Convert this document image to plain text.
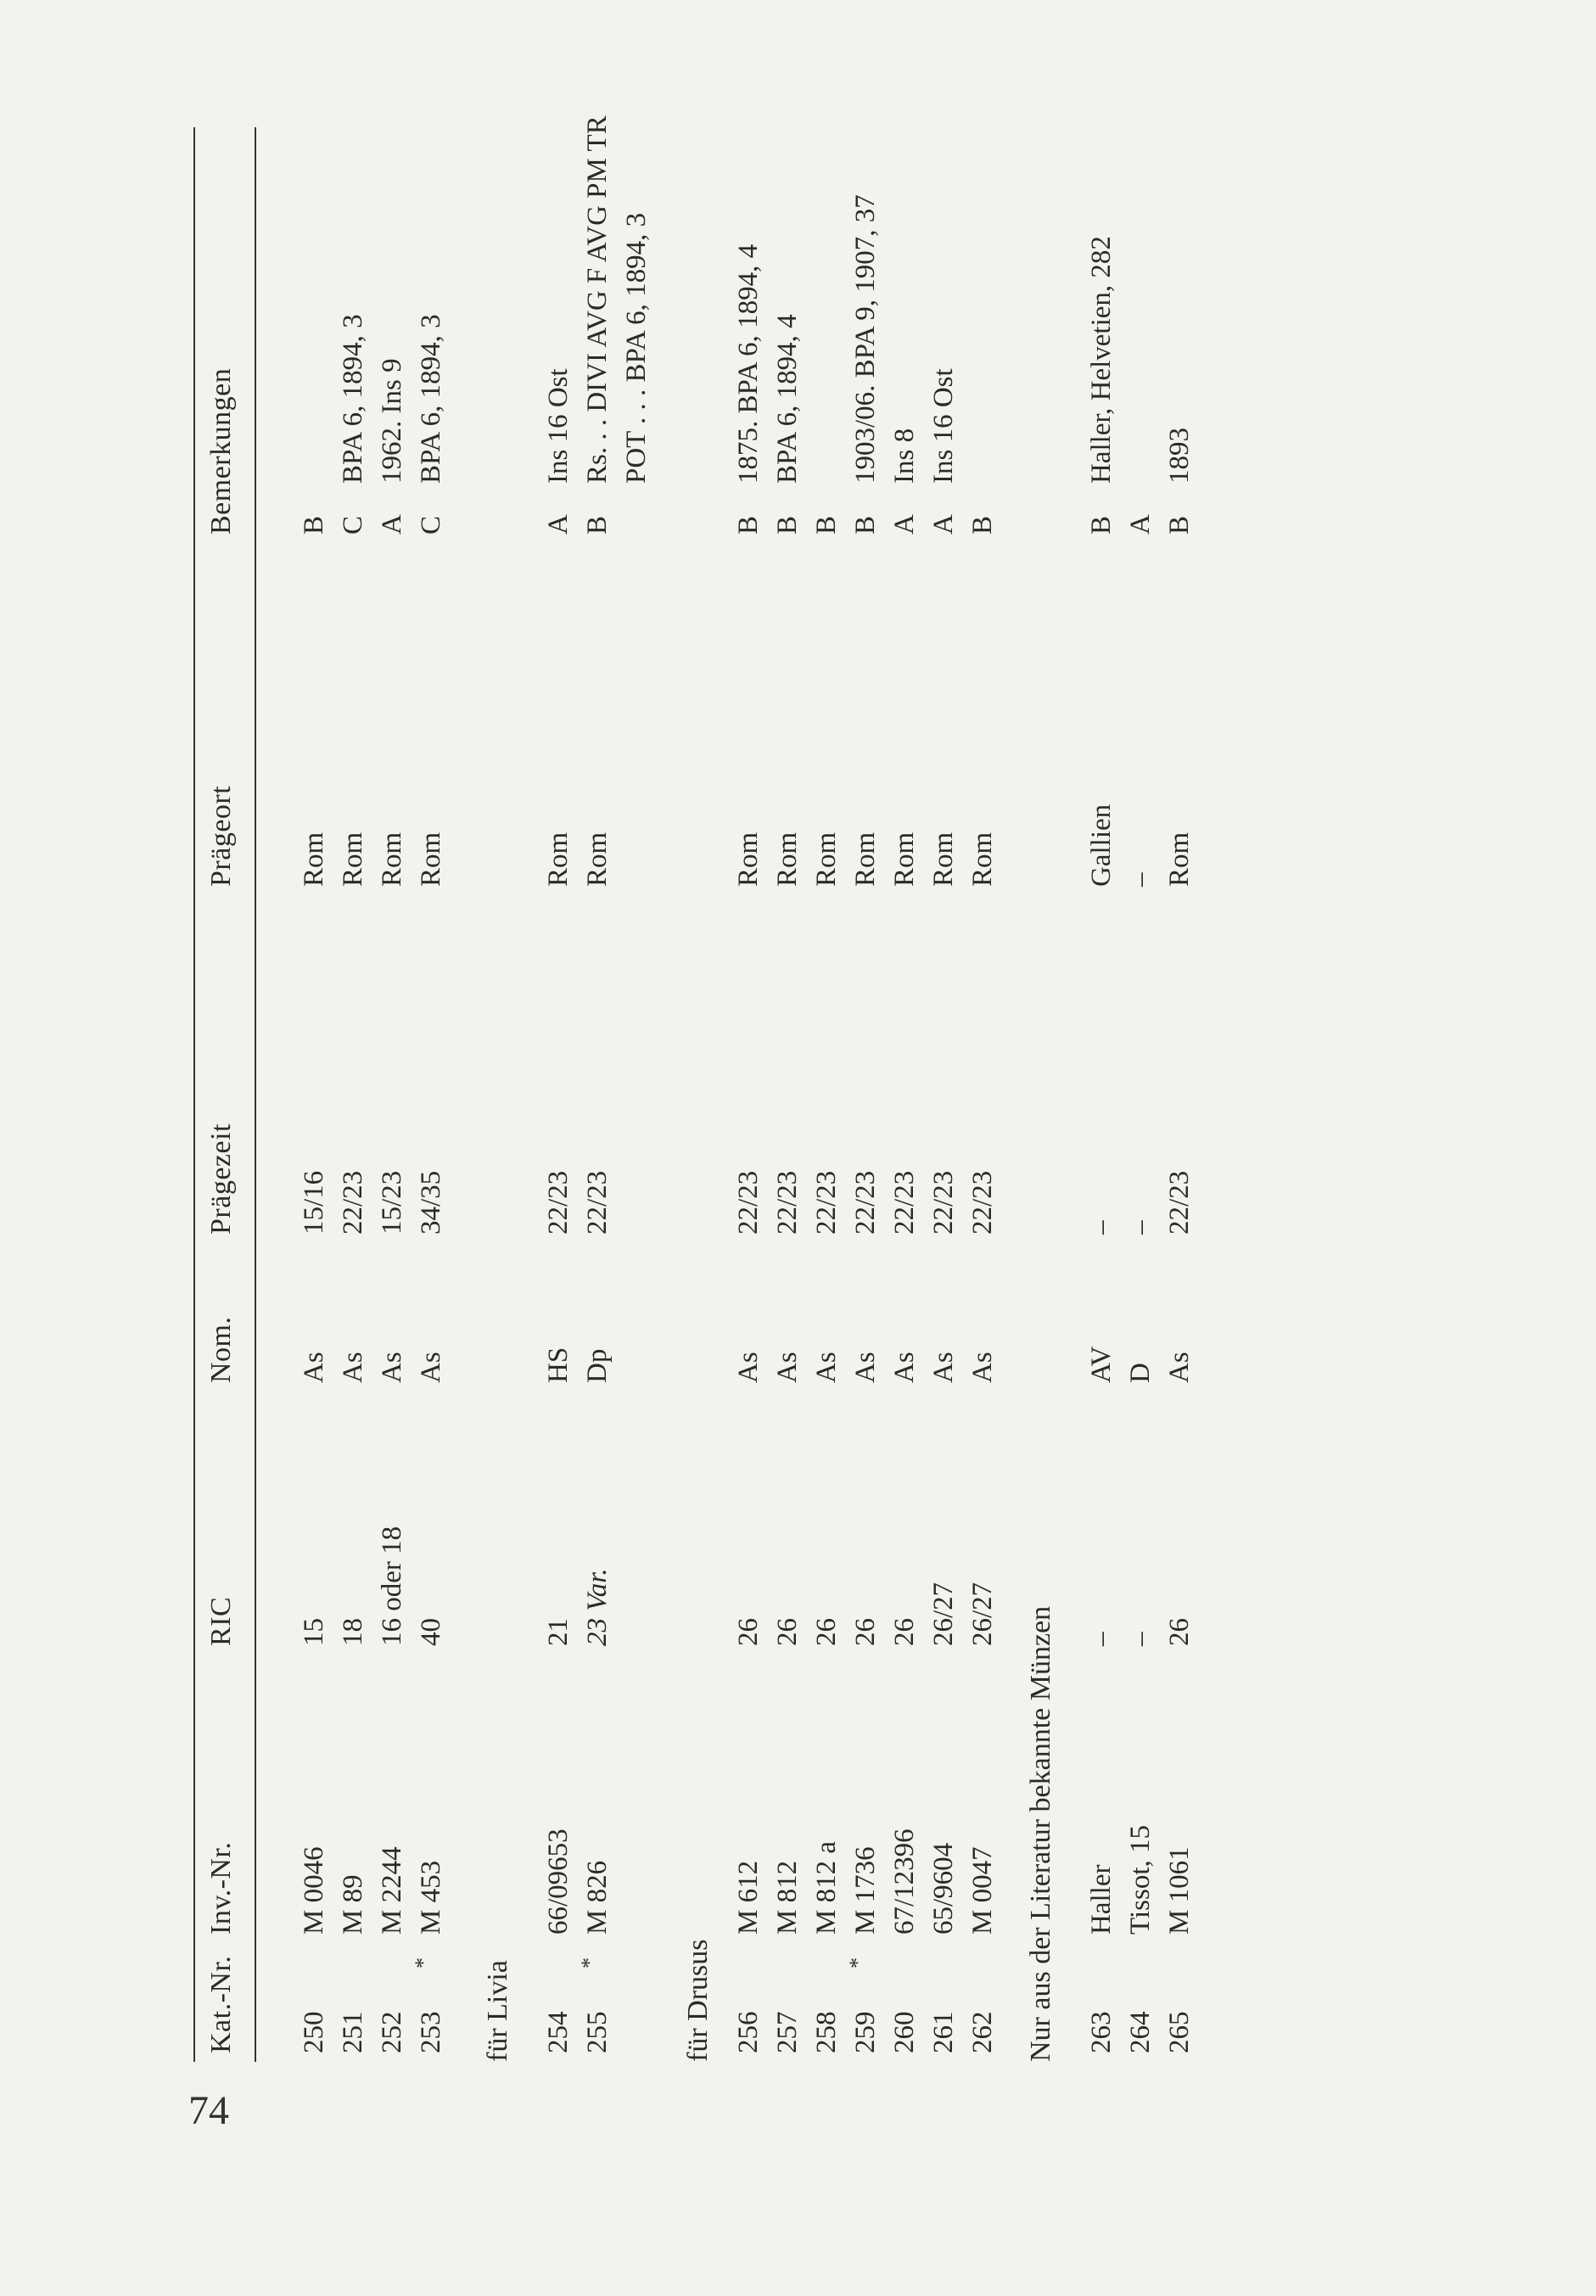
74
Kat.-Nr.
Inv.-Nr.
RIC
Nom.
Prägezeit
Prägeort
Bemerkungen
250
M 0046
15
As
15/16
Rom
B
251
M 89
18
As
22/23
Rom
C
BPA 6, 1894, 3
252
M 2244
16 oder 18
As
15/23
Rom
A
1962. Ins 9
253
*
M 453
40
As
34/35
Rom
C
BPA 6, 1894, 3
für Livia 254
66/09653
21
HS
22/23
Rom
A
Ins 16 Ost
255
*
M 826
23 Var.
Dp
22/23
Rom
B
Rs. . . DIVI AVG F AVG PM TR POT . . . BPA 6, 1894, 3
für Drusus 256
M 612
26
As
22/23
Rom
B
1875. BPA 6, 1894, 4
257
M 812
26
As
22/23
Rom
B
BPA 6, 1894, 4
258
M 812 a
26
As
22/23
Rom
B
259
*
M 1736
26
As
22/23
Rom
B
1903/06. BPA 9, 1907, 37
260
67/12396
26
As
22/23
Rom
A
Ins 8
261
65/9604
26/27
As
22/23
Rom
A
Ins 16 Ost
262
M 0047
26/27
As
22/23
Rom
B
Nur aus der Literatur bekannte Münzen 263
Haller
–
AV
–
Gallien
B
Haller, Helvetien, 282
264
Tissot, 15
–
D
–
–
A
265
M 1061
26
As
22/23
Rom
B
1893
